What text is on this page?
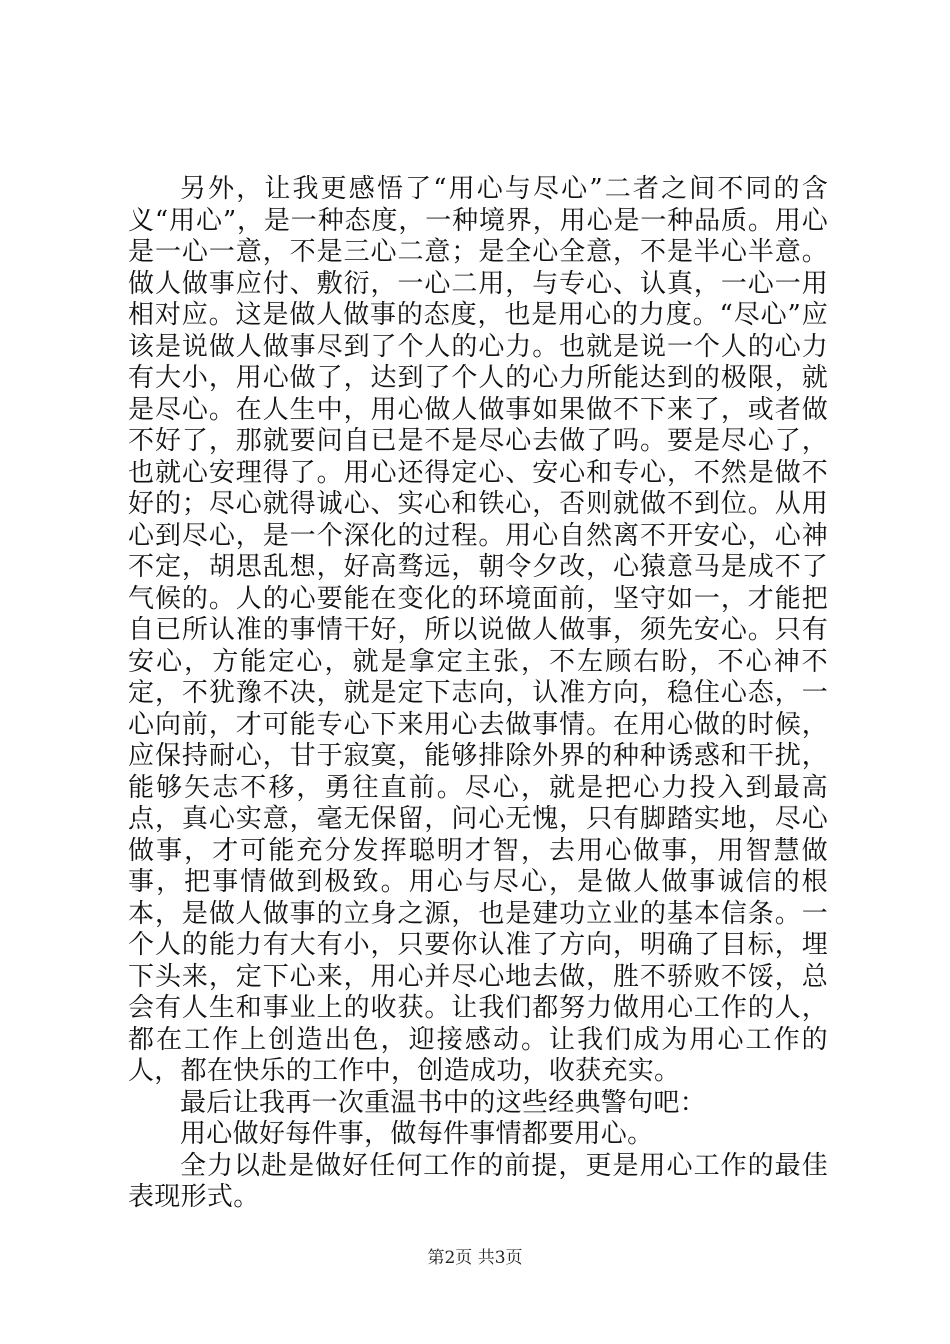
另外，让我更感悟了“用心与尽心”二者之间不同的含义“用心”，是一种态度，一种境界，用心是一种品质。用心是一心一意，不是三心二意；是全心全意，不是半心半意。做人做事应付、敷衍，一心二用，与专心、认真，一心一用相对应。这是做人做事的态度，也是用心的力度。“尽心”应该是说做人做事尽到了个人的心力。也就是说一个人的心力有大小，用心做了，达到了个人的心力所能达到的极限，就是尽心。在人生中，用心做人做事如果做不下来了，或者做不好了，那就要问自已是不是尽心去做了吗。要是尽心了，也就心安理得了。用心还得定心、安心和专心，不然是做不好的；尽心就得诚心、实心和铁心，否则就做不到位。从用心到尽心，是一个深化的过程。用心自然离不开安心，心神不定，胡思乱想，好高骛远，朝令夕改，心猿意马是成不了气候的。人的心要能在变化的环境面前，坚守如一，才能把自已所认准的事情干好，所以说做人做事，须先安心。只有安心，方能定心，就是拿定主张，不左顾右盼，不心神不定，不犹豫不决，就是定下志向，认准方向，稳住心态，一心向前，才可能专心下来用心去做事情。在用心做的时候，应保持耐心，甘于寂寞，能够排除外界的种种诱惑和干扰，能够矢志不移，勇往直前。尽心，就是把心力投入到最高点，真心实意，毫无保留，问心无愧，只有脚踏实地，尽心做事，才可能充分发挥聪明才智，去用心做事，用智慧做事，把事情做到极致。用心与尽心，是做人做事诚信的根本，是做人做事的立身之源，也是建功立业的基本信条。一个人的能力有大有小，只要你认准了方向，明确了目标，埋下头来，定下心来，用心并尽心地去做，胜不骄败不馁，总会有人生和事业上的收获。让我们都努力做用心工作的人，都在工作上创造出色，迎接感动。让我们成为用心工作的人，都在快乐的工作中，创造成功，收获充实。

最后让我再一次重温书中的这些经典警句吧：

用心做好每件事，做每件事情都要用心。

全力以赴是做好任何工作的前提，更是用心工作的最佳表现形式。

第2页 共3页
